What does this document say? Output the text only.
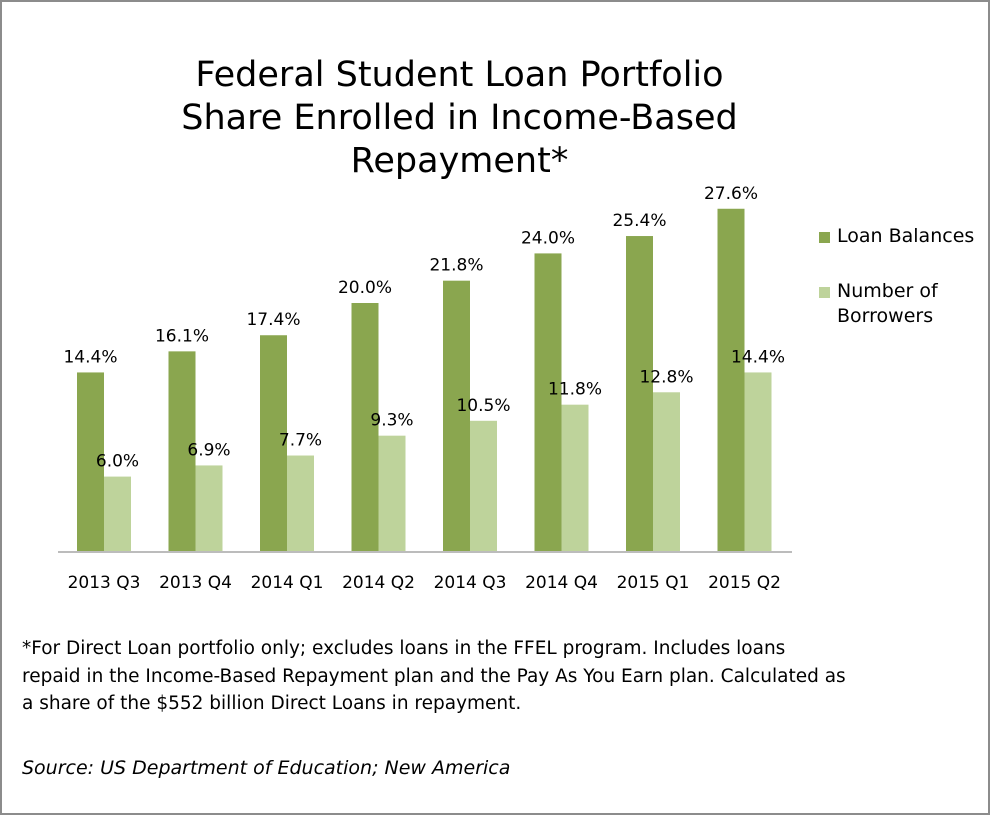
Federal Student Loan Portfolio
Share Enrolled in Income-Based
Repayment*
14.4%
6.0%
2013 Q3
16.1%
6.9%
2013 Q4
17.4%
7.7%
2014 Q1
20.0%
9.3%
2014 Q2
21.8%
10.5%
2014 Q3
24.0%
11.8%
2014 Q4
25.4%
12.8%
2015 Q1
27.6%
14.4%
2015 Q2
Loan Balances
Number of
Borrowers
*For Direct Loan portfolio only; excludes loans in the FFEL program. Includes loans
repaid in the Income-Based Repayment plan and the Pay As You Earn plan. Calculated as
a share of the $552 billion Direct Loans in repayment.
Source: US Department of Education; New America
